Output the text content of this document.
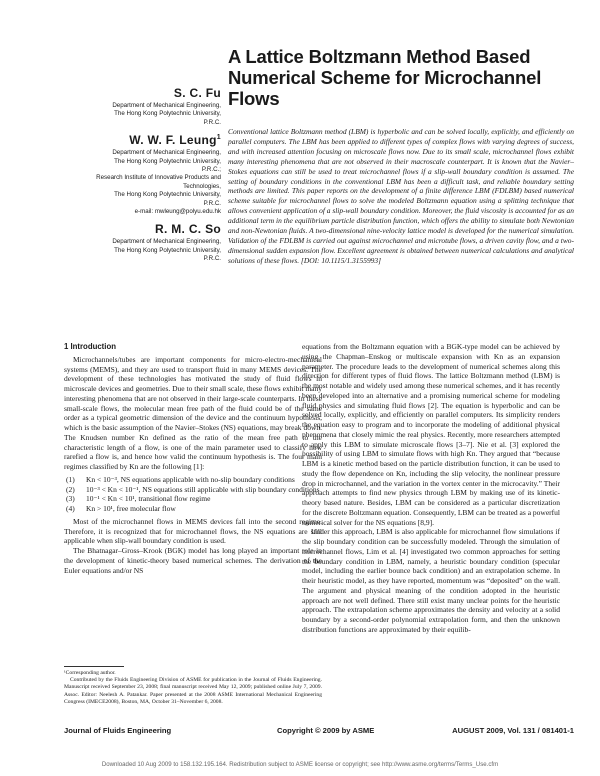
A Lattice Boltzmann Method Based Numerical Scheme for Microchannel Flows
S. C. Fu
Department of Mechanical Engineering,
The Hong Kong Polytechnic University,
P.R.C.
W. W. F. Leung$^1$
Department of Mechanical Engineering,
The Hong Kong Polytechnic University,
P.R.C.;
Research Institute of Innovative Products and
Technologies,
The Hong Kong Polytechnic University,
P.R.C.
e-mail: mwleung@polyu.edu.hk
R. M. C. So
Department of Mechanical Engineering,
The Hong Kong Polytechnic University,
P.R.C.
Conventional lattice Boltzmann method (LBM) is hyperbolic and can be solved locally, explicitly, and efficiently on parallel computers. The LBM has been applied to different types of complex flows with varying degrees of success, and with increased attention focusing on microscale flows now. Due to its small scale, microchannel flows exhibit many interesting phenomena that are not observed in their macroscale counterpart. It is known that the Navier–Stokes equations can still be used to treat microchannel flows if a slip-wall boundary condition is assumed. The setting of boundary conditions in the conventional LBM has been a difficult task, and reliable boundary setting methods are limited. This paper reports on the development of a finite difference LBM (FDLBM) based numerical scheme suitable for microchannel flows to solve the modeled Boltzmann equation using a splitting technique that allows convenient application of a slip-wall boundary condition. Moreover, the fluid viscosity is accounted for as an additional term in the equilibrium particle distribution function, which offers the ability to simulate both Newtonian and non-Newtonian fluids. A two-dimensional nine-velocity lattice model is developed for the numerical simulation. Validation of the FDLBM is carried out against microchannel and microtube flows, a driven cavity flow, and a two-dimensional sudden expansion flow. Excellent agreement is obtained between numerical calculations and analytical solutions of these flows. [DOI: 10.1115/1.3155993]
1 Introduction

Microchannels/tubes are important components for micro-electro-mechanical systems (MEMS), and they are used to transport fluid in many MEMS devices. The development of these technologies has motivated the study of fluid flows in microscale devices and geometries. Due to their small scale, these flows exhibit many interesting phenomena that are not observed in their large-scale counterparts. In these small-scale flows, the molecular mean free path of the fluid could be of the same order as a typical geometric dimension of the device and the continuum hypothesis, which is the basic assumption of the Navier–Stokes (NS) equations, may break down. The Knudsen number Kn defined as the ratio of the mean free path to the characteristic length of a flow, is one of the main parameter used to classify how rarefied a flow is, and hence how valid the continuum hypothesis is. The four main regimes classified by Kn are the following [1]:

(1) Kn < 10⁻³, NS equations applicable with no-slip boundary conditions
(2) 10⁻³ < Kn < 10⁻¹, NS equations still applicable with slip boundary conditions
(3) 10⁻¹ < Kn < 10¹, transitional flow regime
(4) Kn > 10¹, free molecular flow

Most of the microchannel flows in MEMS devices fall into the second regime. Therefore, it is recognized that for microchannel flows, the NS equations are still applicable when slip-wall boundary condition is used.

The Bhatnagar–Gross–Krook (BGK) model has long played an important role in the development of kinetic-theory based numerical schemes. The derivation of the Euler equations and/or NS

equations from the Boltzmann equation with a BGK-type model can be achieved by using the Chapman–Enskog or multiscale expansion with Kn as an expansion parameter. The procedure leads to the development of numerical schemes along this direction for different types of fluid flows. The lattice Boltzmann method (LBM) is the most notable and widely used among these numerical schemes, and it has recently been developed into an alternative and a promising numerical scheme for modeling fluid physics and simulating fluid flows [2]. The equation is hyperbolic and can be solved locally, explicitly, and efficiently on parallel computers. Its simplicity renders the equation easy to program and to incorporate the modeling of additional physical phenomena that closely mimic the real physics. Recently, more researchers attempted to apply this LBM to simulate microscale flows [3–7]. Nie et al. [3] explored the possibility of using LBM to simulate flows with high Kn. They argued that “because LBM is a kinetic method based on the particle distribution function, it can be used to study the flow dependence on Kn, including the slip velocity, the nonlinear pressure drop in microchannel, and the variation in the vortex center in the microcavity.” Their approach attempts to find new physics through LBM by making use of its kinetic-theory based nature. Besides, LBM can be considered as a particular discretization for the discrete Boltzmann equation. Consequently, LBM can be treated as a powerful numerical solver for the NS equations [8,9].

Under this approach, LBM is also applicable for microchannel flow simulations if the slip boundary condition can be successfully modeled. Through the simulation of microchannel flows, Lim et al. [4] investigated two common approaches for setting the boundary condition in LBM, namely, a heuristic boundary condition (specular model, including the earlier bounce back condition) and an extrapolation scheme. In their heuristic model, as they have reported, momentum was “deposited” on the wall. The argument and physical meaning of the condition adopted in the heuristic approach are not well defined. There still exist many unclear points for the heuristic approach. The extrapolation scheme approximates the density and velocity at a solid boundary by a second-order polynomial extrapolation form, and then the unknown distribution functions are approximated by their equilib-

¹Corresponding author.
Contributed by the Fluids Engineering Division of ASME for publication in the Journal of Fluids Engineering. Manuscript received September 23, 2008; final manuscript received May 12, 2009; published online July 7, 2009. Assoc. Editor: Neelesh A. Patankar. Paper presented at the 2008 ASME International Mechanical Engineering Congress (IMECE2008), Boston, MA, October 31–November 6, 2008.
Journal of Fluids Engineering	Copyright © 2009 by ASME	AUGUST 2009, Vol. 131 / 081401-1
Downloaded 10 Aug 2009 to 158.132.195.164. Redistribution subject to ASME license or copyright; see http://www.asme.org/terms/Terms_Use.cfm
